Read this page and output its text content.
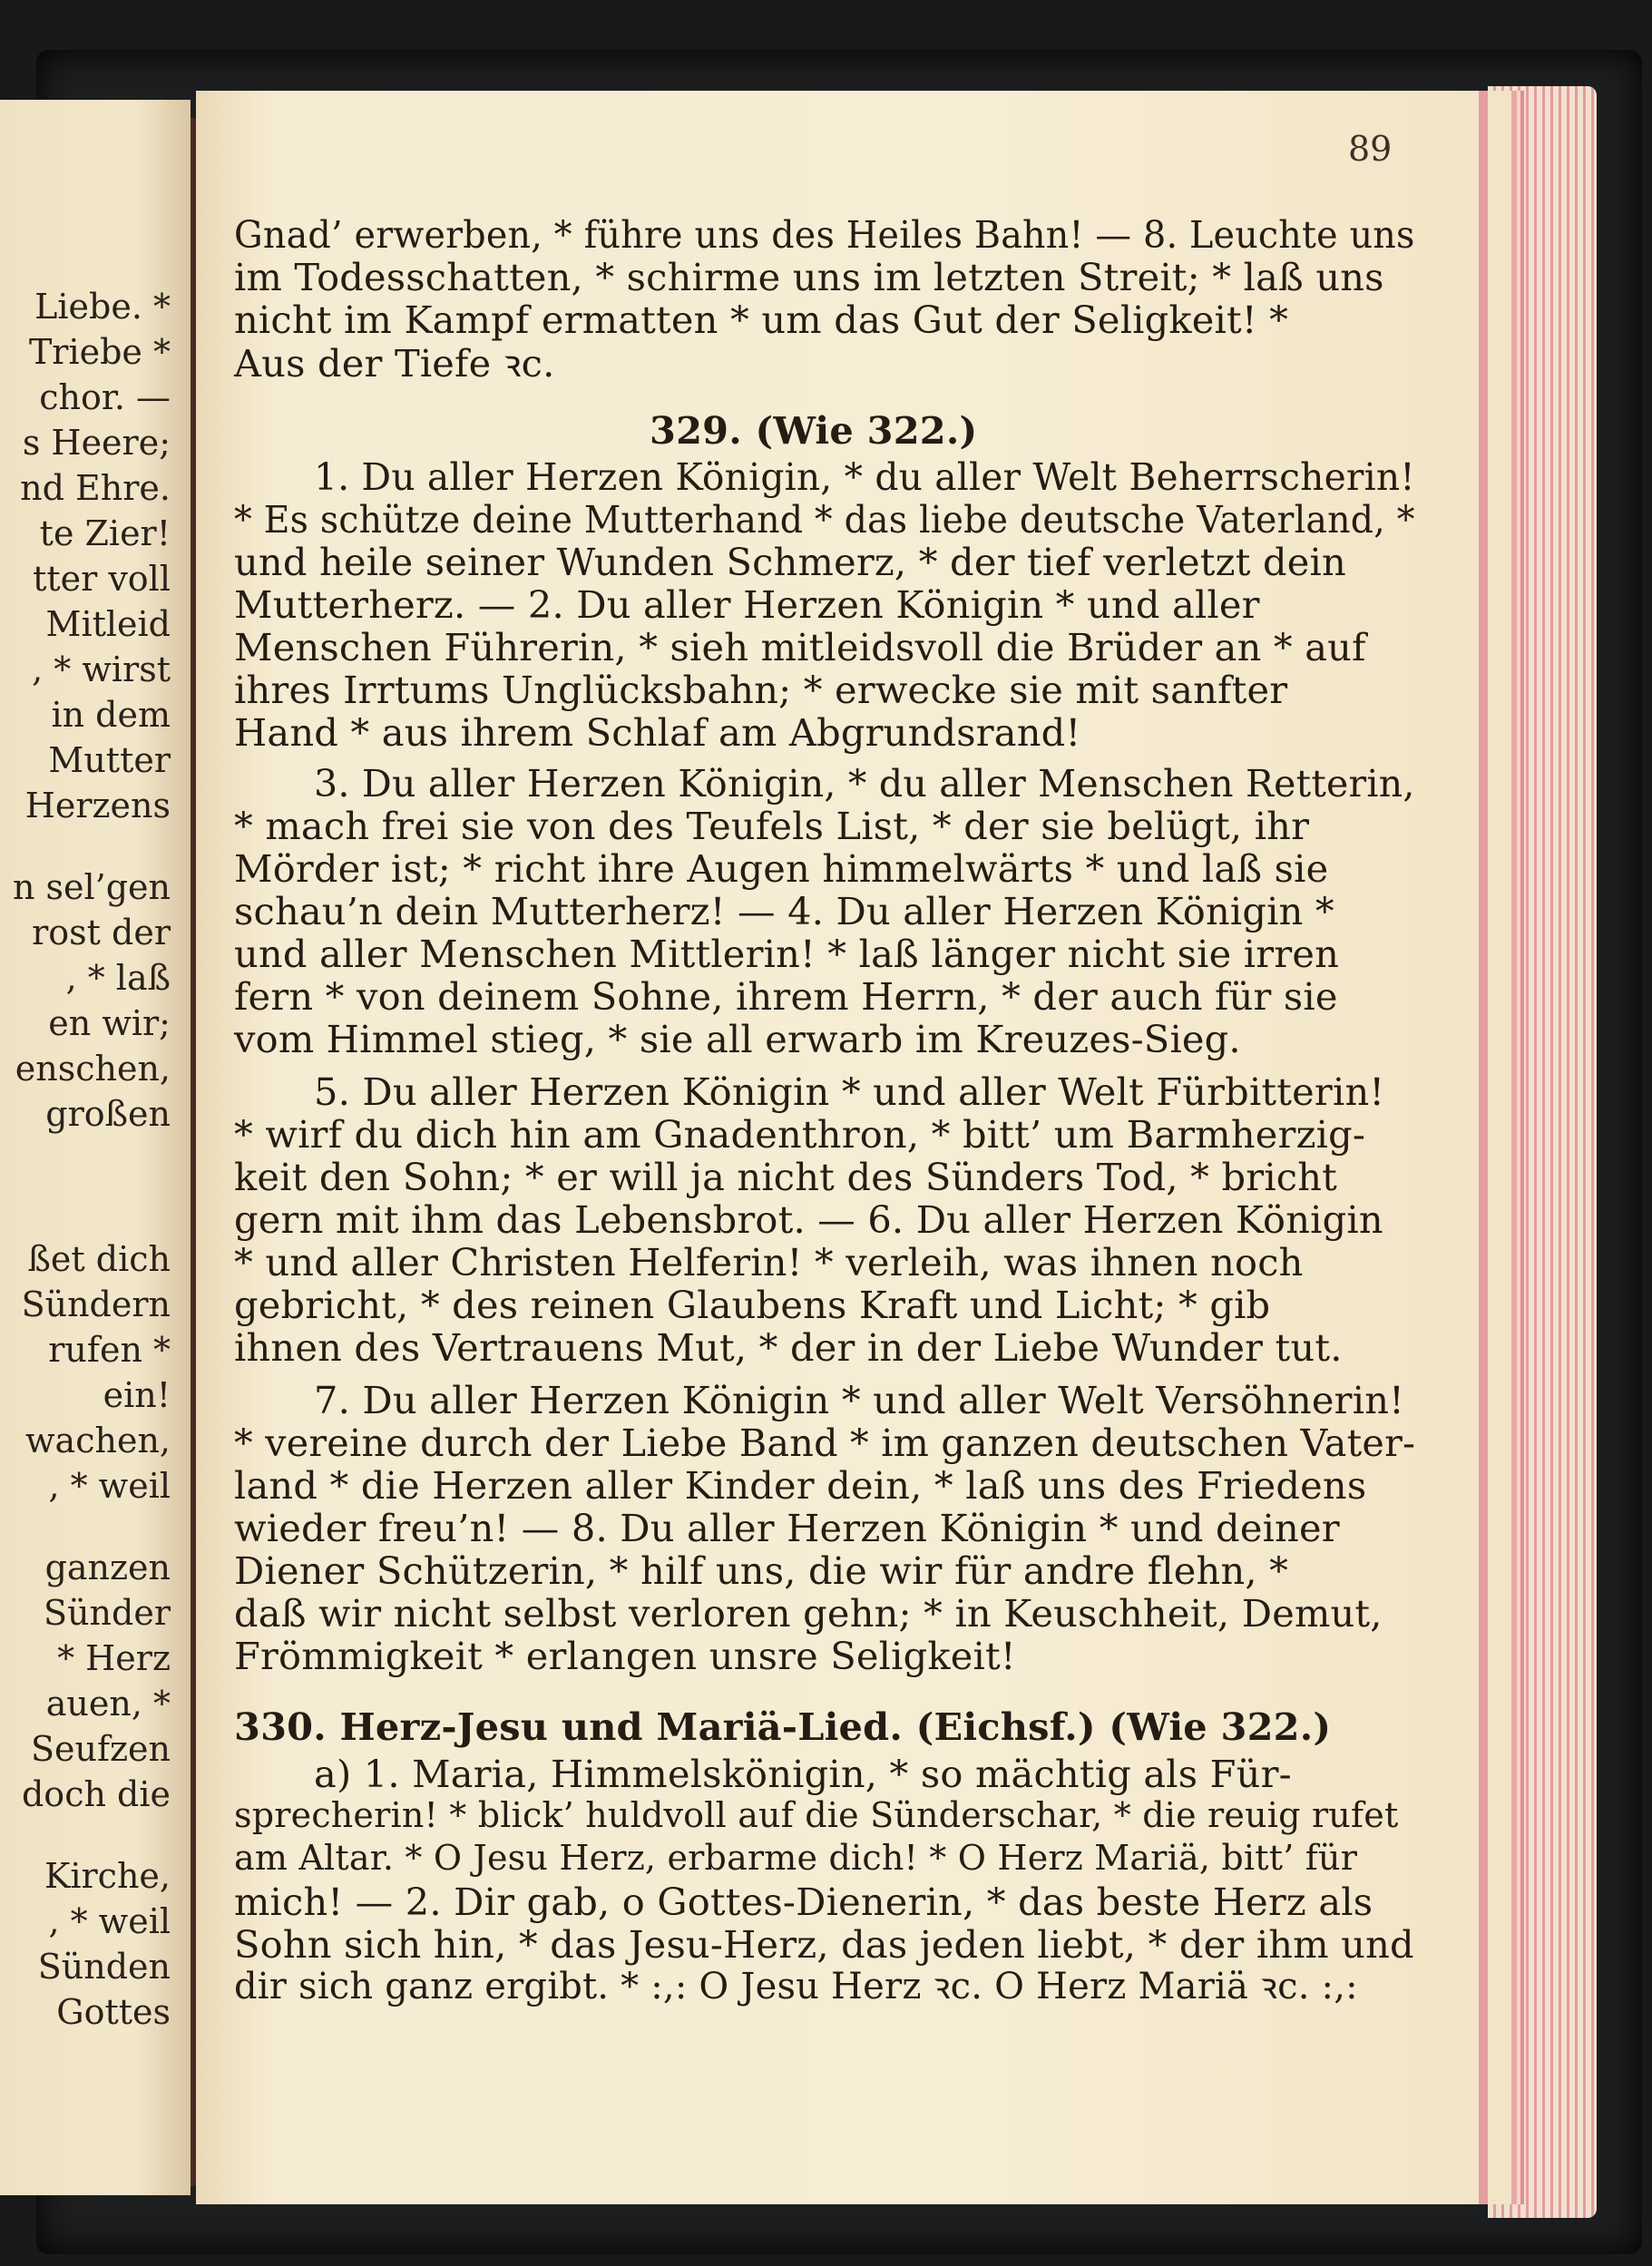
Liebe. *
Triebe *
chor. —
s Heere;
nd Ehre.
te Zier!
tter voll
Mitleid
, * wirst
in dem
Mutter
Herzens
n sel’gen
rost der
, * laß
en wir;
enschen,
großen
ßet dich
Sündern
rufen *
ein!
wachen,
, * weil
ganzen
Sünder
* Herz
auen, *
Seufzen
doch die
Kirche,
, * weil
Sünden
Gottes
89
Gnad’ erwerben, * führe uns des Heiles Bahn! — 8. Leuchte uns
im Todesschatten, * schirme uns im letzten Streit; * laß uns
nicht im Kampf ermatten * um das Gut der Seligkeit! *
Aus der Tiefe ꝛc.
329. (Wie 322.)
1. Du aller Herzen Königin, * du aller Welt Beherrscherin!
* Es schütze deine Mutterhand * das liebe deutsche Vaterland, *
und heile seiner Wunden Schmerz, * der tief verletzt dein
Mutterherz. — 2. Du aller Herzen Königin * und aller
Menschen Führerin, * sieh mitleidsvoll die Brüder an * auf
ihres Irrtums Unglücksbahn; * erwecke sie mit sanfter
Hand * aus ihrem Schlaf am Abgrundsrand!
3. Du aller Herzen Königin, * du aller Menschen Retterin,
* mach frei sie von des Teufels List, * der sie belügt, ihr
Mörder ist; * richt ihre Augen himmelwärts * und laß sie
schau’n dein Mutterherz! — 4. Du aller Herzen Königin *
und aller Menschen Mittlerin! * laß länger nicht sie irren
fern * von deinem Sohne, ihrem Herrn, * der auch für sie
vom Himmel stieg, * sie all erwarb im Kreuzes-Sieg.
5. Du aller Herzen Königin * und aller Welt Fürbitterin!
* wirf du dich hin am Gnadenthron, * bitt’ um Barmherzig-
keit den Sohn; * er will ja nicht des Sünders Tod, * bricht
gern mit ihm das Lebensbrot. — 6. Du aller Herzen Königin
* und aller Christen Helferin! * verleih, was ihnen noch
gebricht, * des reinen Glaubens Kraft und Licht; * gib
ihnen des Vertrauens Mut, * der in der Liebe Wunder tut.
7. Du aller Herzen Königin * und aller Welt Versöhnerin!
* vereine durch der Liebe Band * im ganzen deutschen Vater-
land * die Herzen aller Kinder dein, * laß uns des Friedens
wieder freu’n! — 8. Du aller Herzen Königin * und deiner
Diener Schützerin, * hilf uns, die wir für andre flehn, *
daß wir nicht selbst verloren gehn; * in Keuschheit, Demut,
Frömmigkeit * erlangen unsre Seligkeit!
330. Herz-Jesu und Mariä-Lied. (Eichsf.) (Wie 322.)
a) 1. Maria, Himmelskönigin, * so mächtig als Für-
sprecherin! * blick’ huldvoll auf die Sünderschar, * die reuig rufet
am Altar. * O Jesu Herz, erbarme dich! * O Herz Mariä, bitt’ für
mich! — 2. Dir gab, o Gottes-Dienerin, * das beste Herz als
Sohn sich hin, * das Jesu-Herz, das jeden liebt, * der ihm und
dir sich ganz ergibt. * :,: O Jesu Herz ꝛc. O Herz Mariä ꝛc. :,:
